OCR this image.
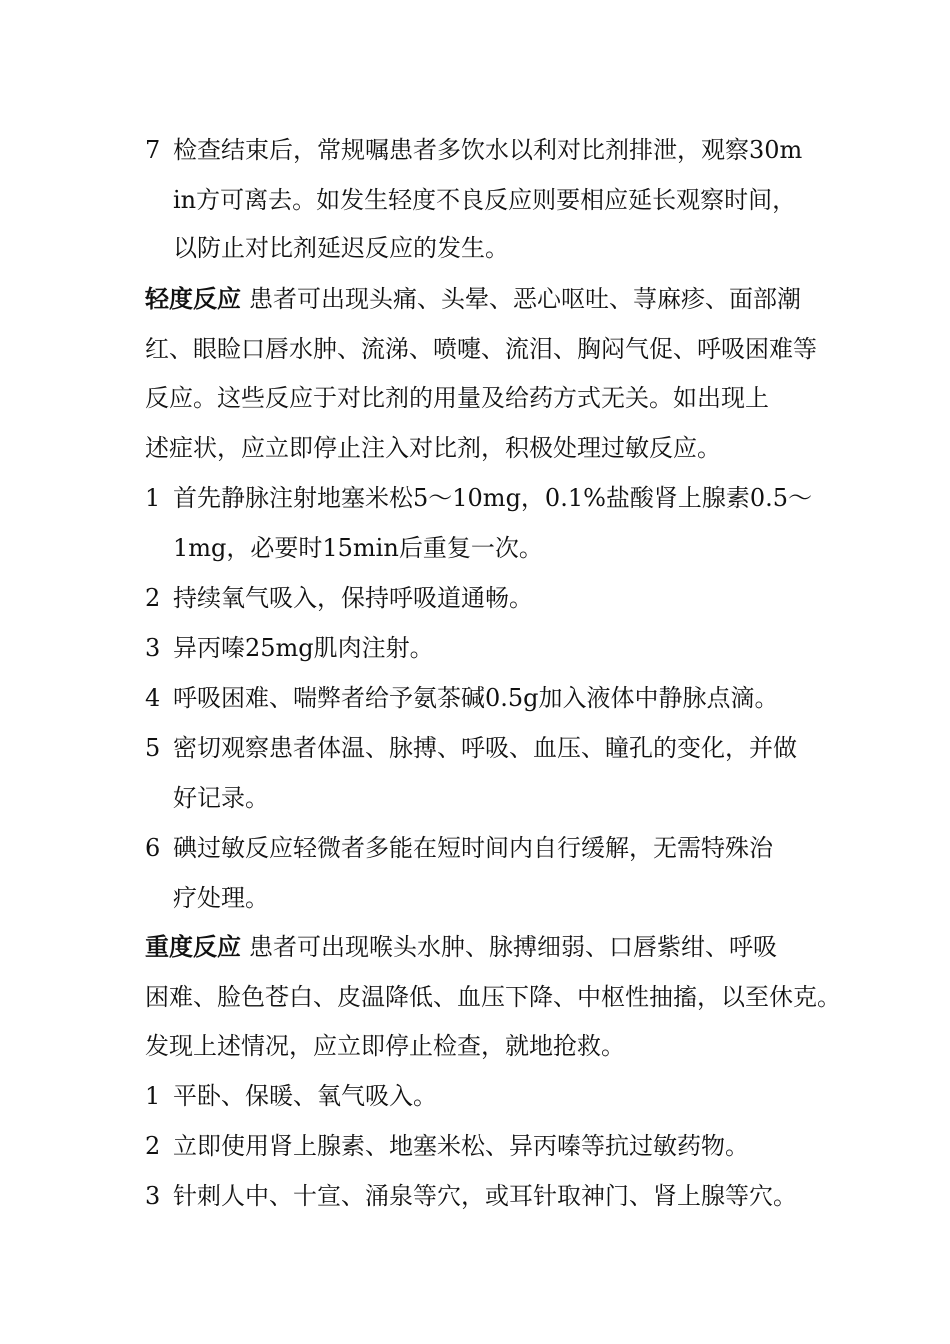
7 检查结束后，常规嘱患者多饮水以利对比剂排泄，观察30m
in方可离去。如发生轻度不良反应则要相应延长观察时间，
以防止对比剂延迟反应的发生。
轻度反应 患者可出现头痛、头晕、恶心呕吐、荨麻疹、面部潮
红、眼睑口唇水肿、流涕、喷嚏、流泪、胸闷气促、呼吸困难等
反应。这些反应于对比剂的用量及给药方式无关。如出现上
述症状，应立即停止注入对比剂，积极处理过敏反应。
1 首先静脉注射地塞米松5～10mg，0.1%盐酸肾上腺素0.5～
1mg，必要时15min后重复一次。
2 持续氧气吸入，保持呼吸道通畅。
3 异丙嗪25mg肌肉注射。
4 呼吸困难、喘弊者给予氨茶碱0.5g加入液体中静脉点滴。
5 密切观察患者体温、脉搏、呼吸、血压、瞳孔的变化，并做
好记录。
6 碘过敏反应轻微者多能在短时间内自行缓解，无需特殊治
疗处理。
重度反应 患者可出现喉头水肿、脉搏细弱、口唇紫绀、呼吸
困难、脸色苍白、皮温降低、血压下降、中枢性抽搐，以至休克。
发现上述情况，应立即停止检查，就地抢救。
1 平卧、保暖、氧气吸入。
2 立即使用肾上腺素、地塞米松、异丙嗪等抗过敏药物。
3 针刺人中、十宣、涌泉等穴，或耳针取神门、肾上腺等穴。
